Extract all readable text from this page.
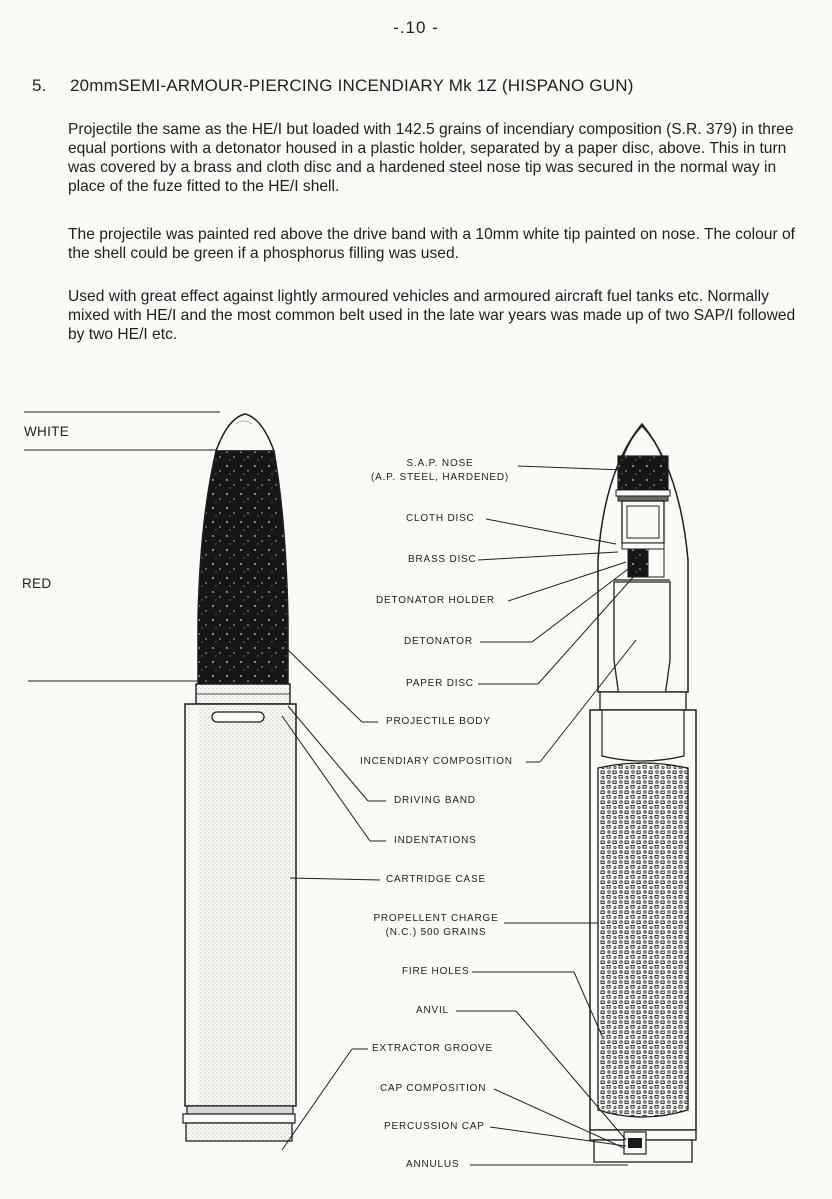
-.10 -
5. 20mmSEMI-ARMOUR-PIERCING INCENDIARY Mk 1Z (HISPANO GUN)

Projectile the same as the HE/I but loaded with 142.5 grains of incendiary composition (S.R. 379) in three equal portions with a detonator housed in a plastic holder, separated by a paper disc, above. This in turn was covered by a brass and cloth disc and a hardened steel nose tip was secured in the normal way in place of the fuze fitted to the HE/I shell.

The projectile was painted red above the drive band with a 10mm white tip painted on nose. The colour of the shell could be green if a phosphorus filling was used.

Used with great effect against lightly armoured vehicles and armoured aircraft fuel tanks etc. Normally mixed with HE/I and the most common belt used in the late war years was made up of two SAP/I followed by two HE/I etc.

WHITE
RED
S.A.P. NOSE
(A.P. STEEL, HARDENED)
CLOTH DISC
BRASS DISC
DETONATOR HOLDER
DETONATOR
PAPER DISC
PROJECTILE BODY
INCENDIARY COMPOSITION
DRIVING BAND
INDENTATIONS
CARTRIDGE CASE
PROPELLENT CHARGE
(N.C.) 500 GRAINS
FIRE HOLES
ANVIL
EXTRACTOR GROOVE
CAP COMPOSITION
PERCUSSION CAP
ANNULUS
